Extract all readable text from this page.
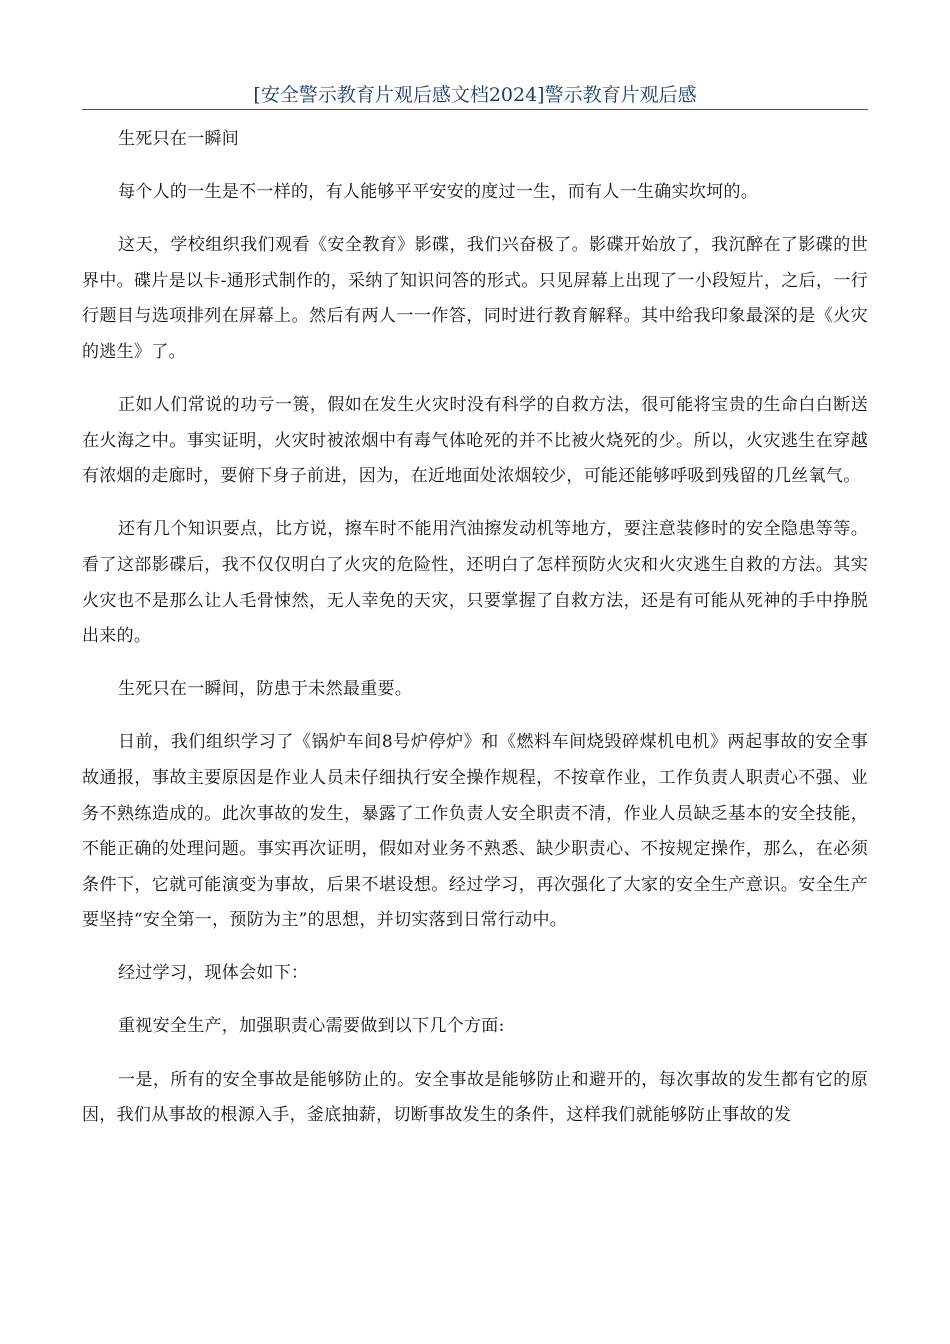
[安全警示教育片观后感文档2024]警示教育片观后感

生死只在一瞬间

每个人的一生是不一样的，有人能够平平安安的度过一生，而有人一生确实坎坷的。

这天，学校组织我们观看《安全教育》影碟，我们兴奋极了。影碟开始放了，我沉醉在了影碟的世界中。碟片是以卡-通形式制作的，采纳了知识问答的形式。只见屏幕上出现了一小段短片，之后，一行行题目与选项排列在屏幕上。然后有两人一一作答，同时进行教育解释。其中给我印象最深的是《火灾的逃生》了。

正如人们常说的功亏一篑，假如在发生火灾时没有科学的自救方法，很可能将宝贵的生命白白断送在火海之中。事实证明，火灾时被浓烟中有毒气体呛死的并不比被火烧死的少。所以，火灾逃生在穿越有浓烟的走廊时，要俯下身子前进，因为，在近地面处浓烟较少，可能还能够呼吸到残留的几丝氧气。

还有几个知识要点，比方说，擦车时不能用汽油擦发动机等地方，要注意装修时的安全隐患等等。看了这部影碟后，我不仅仅明白了火灾的危险性，还明白了怎样预防火灾和火灾逃生自救的方法。其实火灾也不是那么让人毛骨悚然，无人幸免的天灾，只要掌握了自救方法，还是有可能从死神的手中挣脱出来的。

生死只在一瞬间，防患于未然最重要。

日前，我们组织学习了《锅炉车间8号炉停炉》和《燃料车间烧毁碎煤机电机》两起事故的安全事故通报，事故主要原因是作业人员未仔细执行安全操作规程，不按章作业，工作负责人职责心不强、业务不熟练造成的。此次事故的发生，暴露了工作负责人安全职责不清，作业人员缺乏基本的安全技能，不能正确的处理问题。事实再次证明，假如对业务不熟悉、缺少职责心、不按规定操作，那么，在必须条件下，它就可能演变为事故，后果不堪设想。经过学习，再次强化了大家的安全生产意识。安全生产要坚持“安全第一，预防为主”的思想，并切实落到日常行动中。

经过学习，现体会如下：

重视安全生产，加强职责心需要做到以下几个方面:

一是，所有的安全事故是能够防止的。安全事故是能够防止和避开的，每次事故的发生都有它的原因，我们从事故的根源入手，釜底抽薪，切断事故发生的条件，这样我们就能够防止事故的发
